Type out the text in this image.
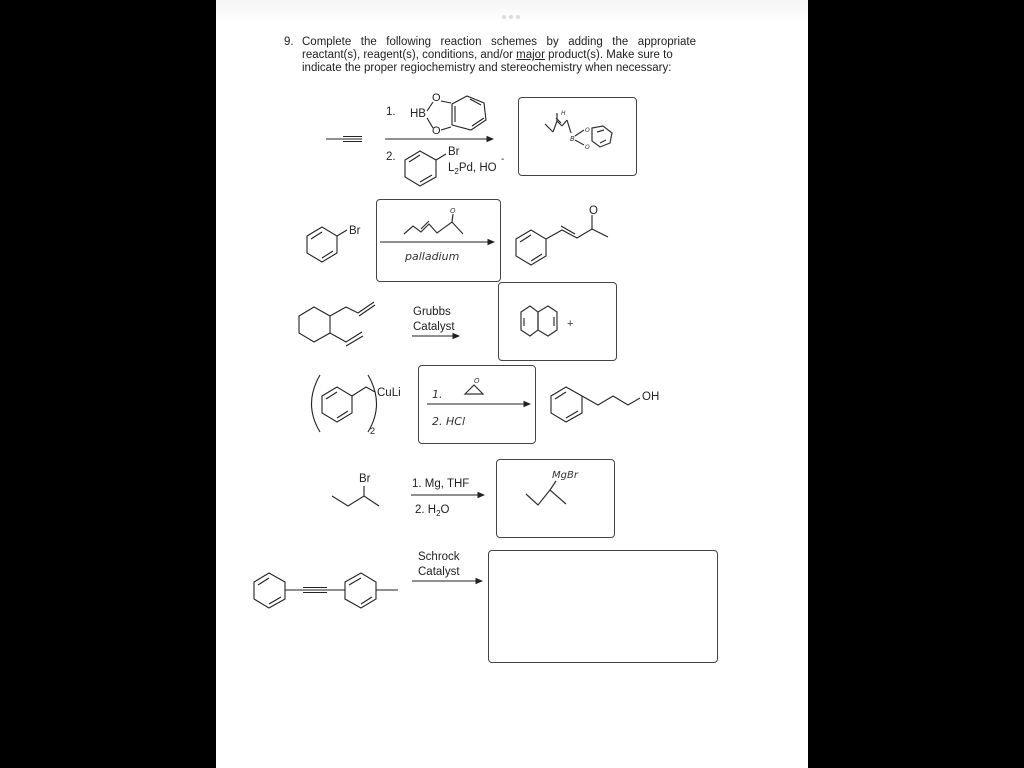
9. Complete the following reaction schemes by adding the appropriate
reactant(s), reagent(s), conditions, and/or major product(s). Make sure to
indicate the proper regiochemistry and stereochemistry when necessary:
1. HB
O
O
2.	Br
$L_2Pd$, HO
-
H
B
O
O
Br
O
palladium
O
Grubbs
Catalyst	+
CuLi
2
1.
O
2. HCl
OH
Br	1. Mg, THF
2. $H_2O$
MgBr
Schrock
Catalyst
